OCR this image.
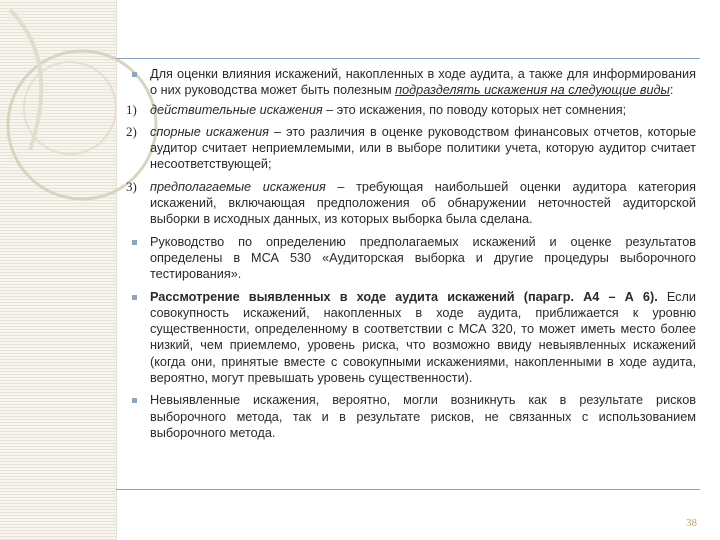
Для оценки влияния искажений, накопленных в ходе аудита, а также для информирования о них руководства может быть полезным подразделять искажения на следующие виды:
1) действительные искажения – это искажения, по поводу которых нет сомнения;
2) спорные искажения – это различия в оценке руководством финансовых отчетов, которые аудитор считает неприемлемыми, или в выборе политики учета, которую аудитор считает несоответствующей;
3) предполагаемые искажения – требующая наибольшей оценки аудитора категория искажений, включающая предположения об обнаружении неточностей аудиторской выборки в исходных данных, из которых выборка была сделана.
Руководство по определению предполагаемых искажений и оценке результатов определены в МСА 530 «Аудиторская выборка и другие процедуры выборочного тестирования».
Рассмотрение выявленных в ходе аудита искажений (парагр. А4 – А 6). Если совокупность искажений, накопленных в ходе аудита, приближается к уровню существенности, определенному в соответствии с МСА 320, то может иметь место более низкий, чем приемлемо, уровень риска, что возможно ввиду невыявленных искажений (когда они, принятые вместе с совокупными искажениями, накопленными в ходе аудита, вероятно, могут превышать уровень существенности).
Невыявленные искажения, вероятно, могли возникнуть как в результате рисков выборочного метода, так и в результате рисков, не связанных с использованием выборочного метода.
38
